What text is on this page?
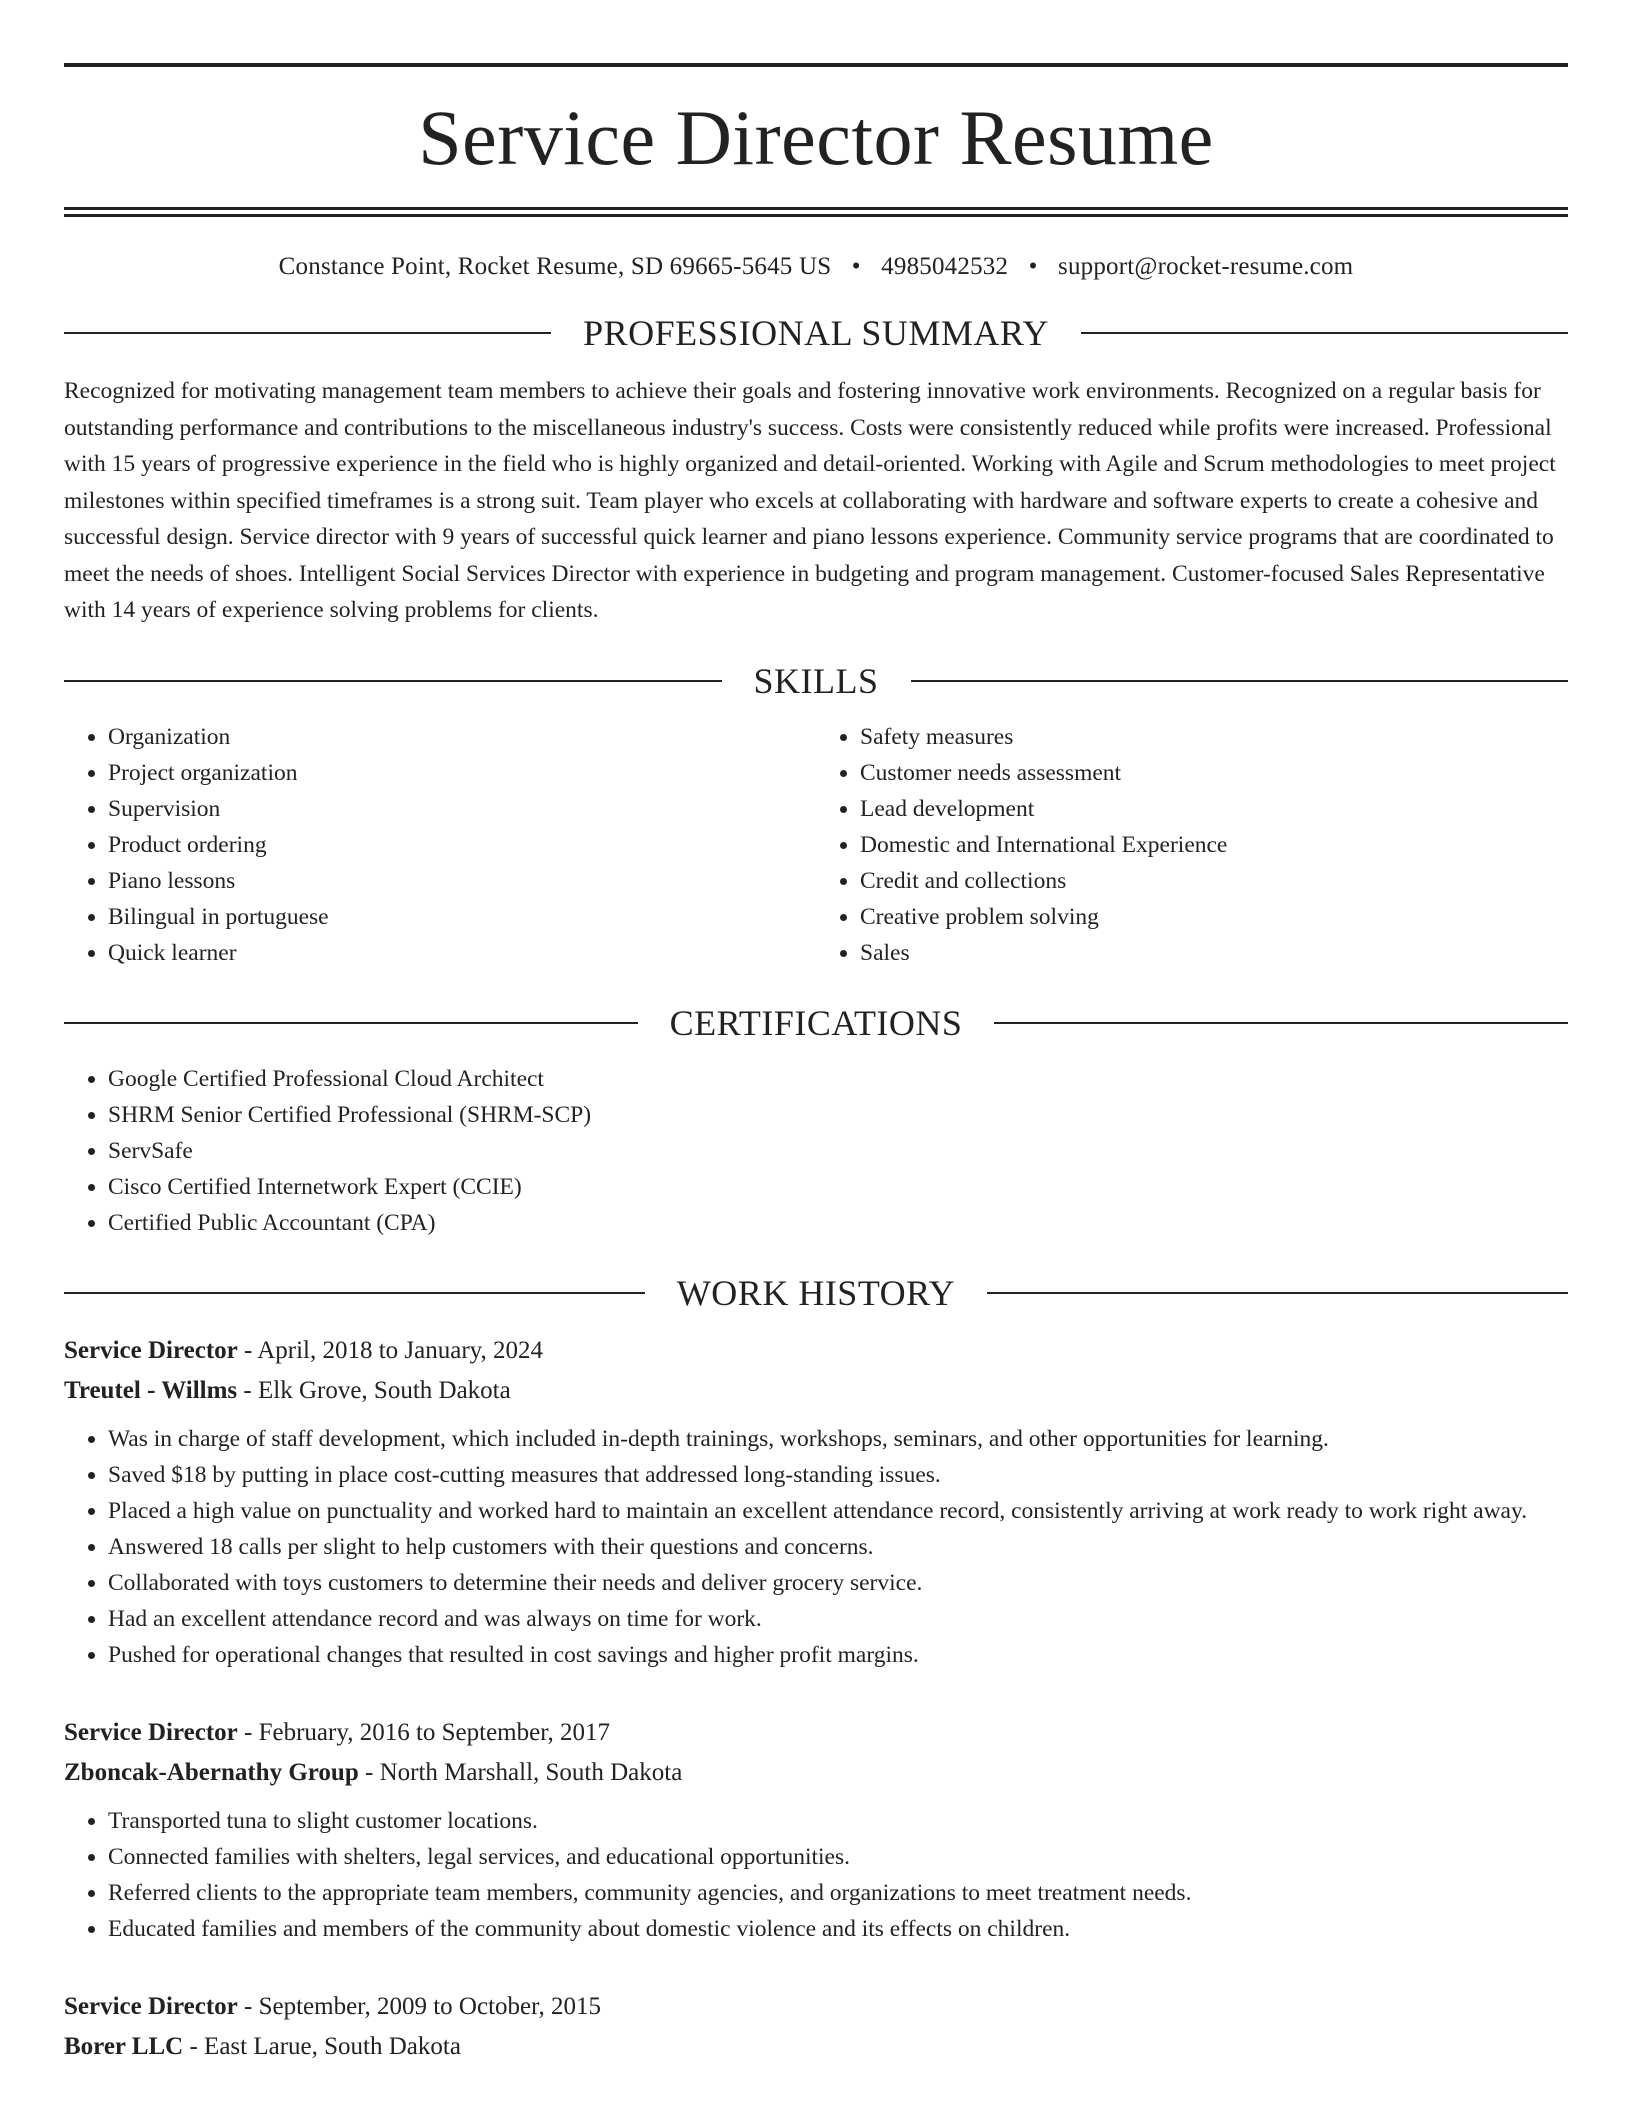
Service Director Resume
Constance Point, Rocket Resume, SD 69665-5645 US • 4985042532 • support@rocket-resume.com
PROFESSIONAL SUMMARY
Recognized for motivating management team members to achieve their goals and fostering innovative work environments. Recognized on a regular basis for outstanding performance and contributions to the miscellaneous industry's success. Costs were consistently reduced while profits were increased. Professional with 15 years of progressive experience in the field who is highly organized and detail-oriented. Working with Agile and Scrum methodologies to meet project milestones within specified timeframes is a strong suit. Team player who excels at collaborating with hardware and software experts to create a cohesive and successful design. Service director with 9 years of successful quick learner and piano lessons experience. Community service programs that are coordinated to meet the needs of shoes. Intelligent Social Services Director with experience in budgeting and program management. Customer-focused Sales Representative with 14 years of experience solving problems for clients.
SKILLS
• Organization
• Project organization
• Supervision
• Product ordering
• Piano lessons
• Bilingual in portuguese
• Quick learner
• Safety measures
• Customer needs assessment
• Lead development
• Domestic and International Experience
• Credit and collections
• Creative problem solving
• Sales
CERTIFICATIONS
• Google Certified Professional Cloud Architect
• SHRM Senior Certified Professional (SHRM-SCP)
• ServSafe
• Cisco Certified Internetwork Expert (CCIE)
• Certified Public Accountant (CPA)
WORK HISTORY
Service Director - April, 2018 to January, 2024
Treutel - Willms - Elk Grove, South Dakota
• Was in charge of staff development, which included in-depth trainings, workshops, seminars, and other opportunities for learning.
• Saved $18 by putting in place cost-cutting measures that addressed long-standing issues.
• Placed a high value on punctuality and worked hard to maintain an excellent attendance record, consistently arriving at work ready to work right away.
• Answered 18 calls per slight to help customers with their questions and concerns.
• Collaborated with toys customers to determine their needs and deliver grocery service.
• Had an excellent attendance record and was always on time for work.
• Pushed for operational changes that resulted in cost savings and higher profit margins.
Service Director - February, 2016 to September, 2017
Zboncak-Abernathy Group - North Marshall, South Dakota
• Transported tuna to slight customer locations.
• Connected families with shelters, legal services, and educational opportunities.
• Referred clients to the appropriate team members, community agencies, and organizations to meet treatment needs.
• Educated families and members of the community about domestic violence and its effects on children.
Service Director - September, 2009 to October, 2015
Borer LLC - East Larue, South Dakota
